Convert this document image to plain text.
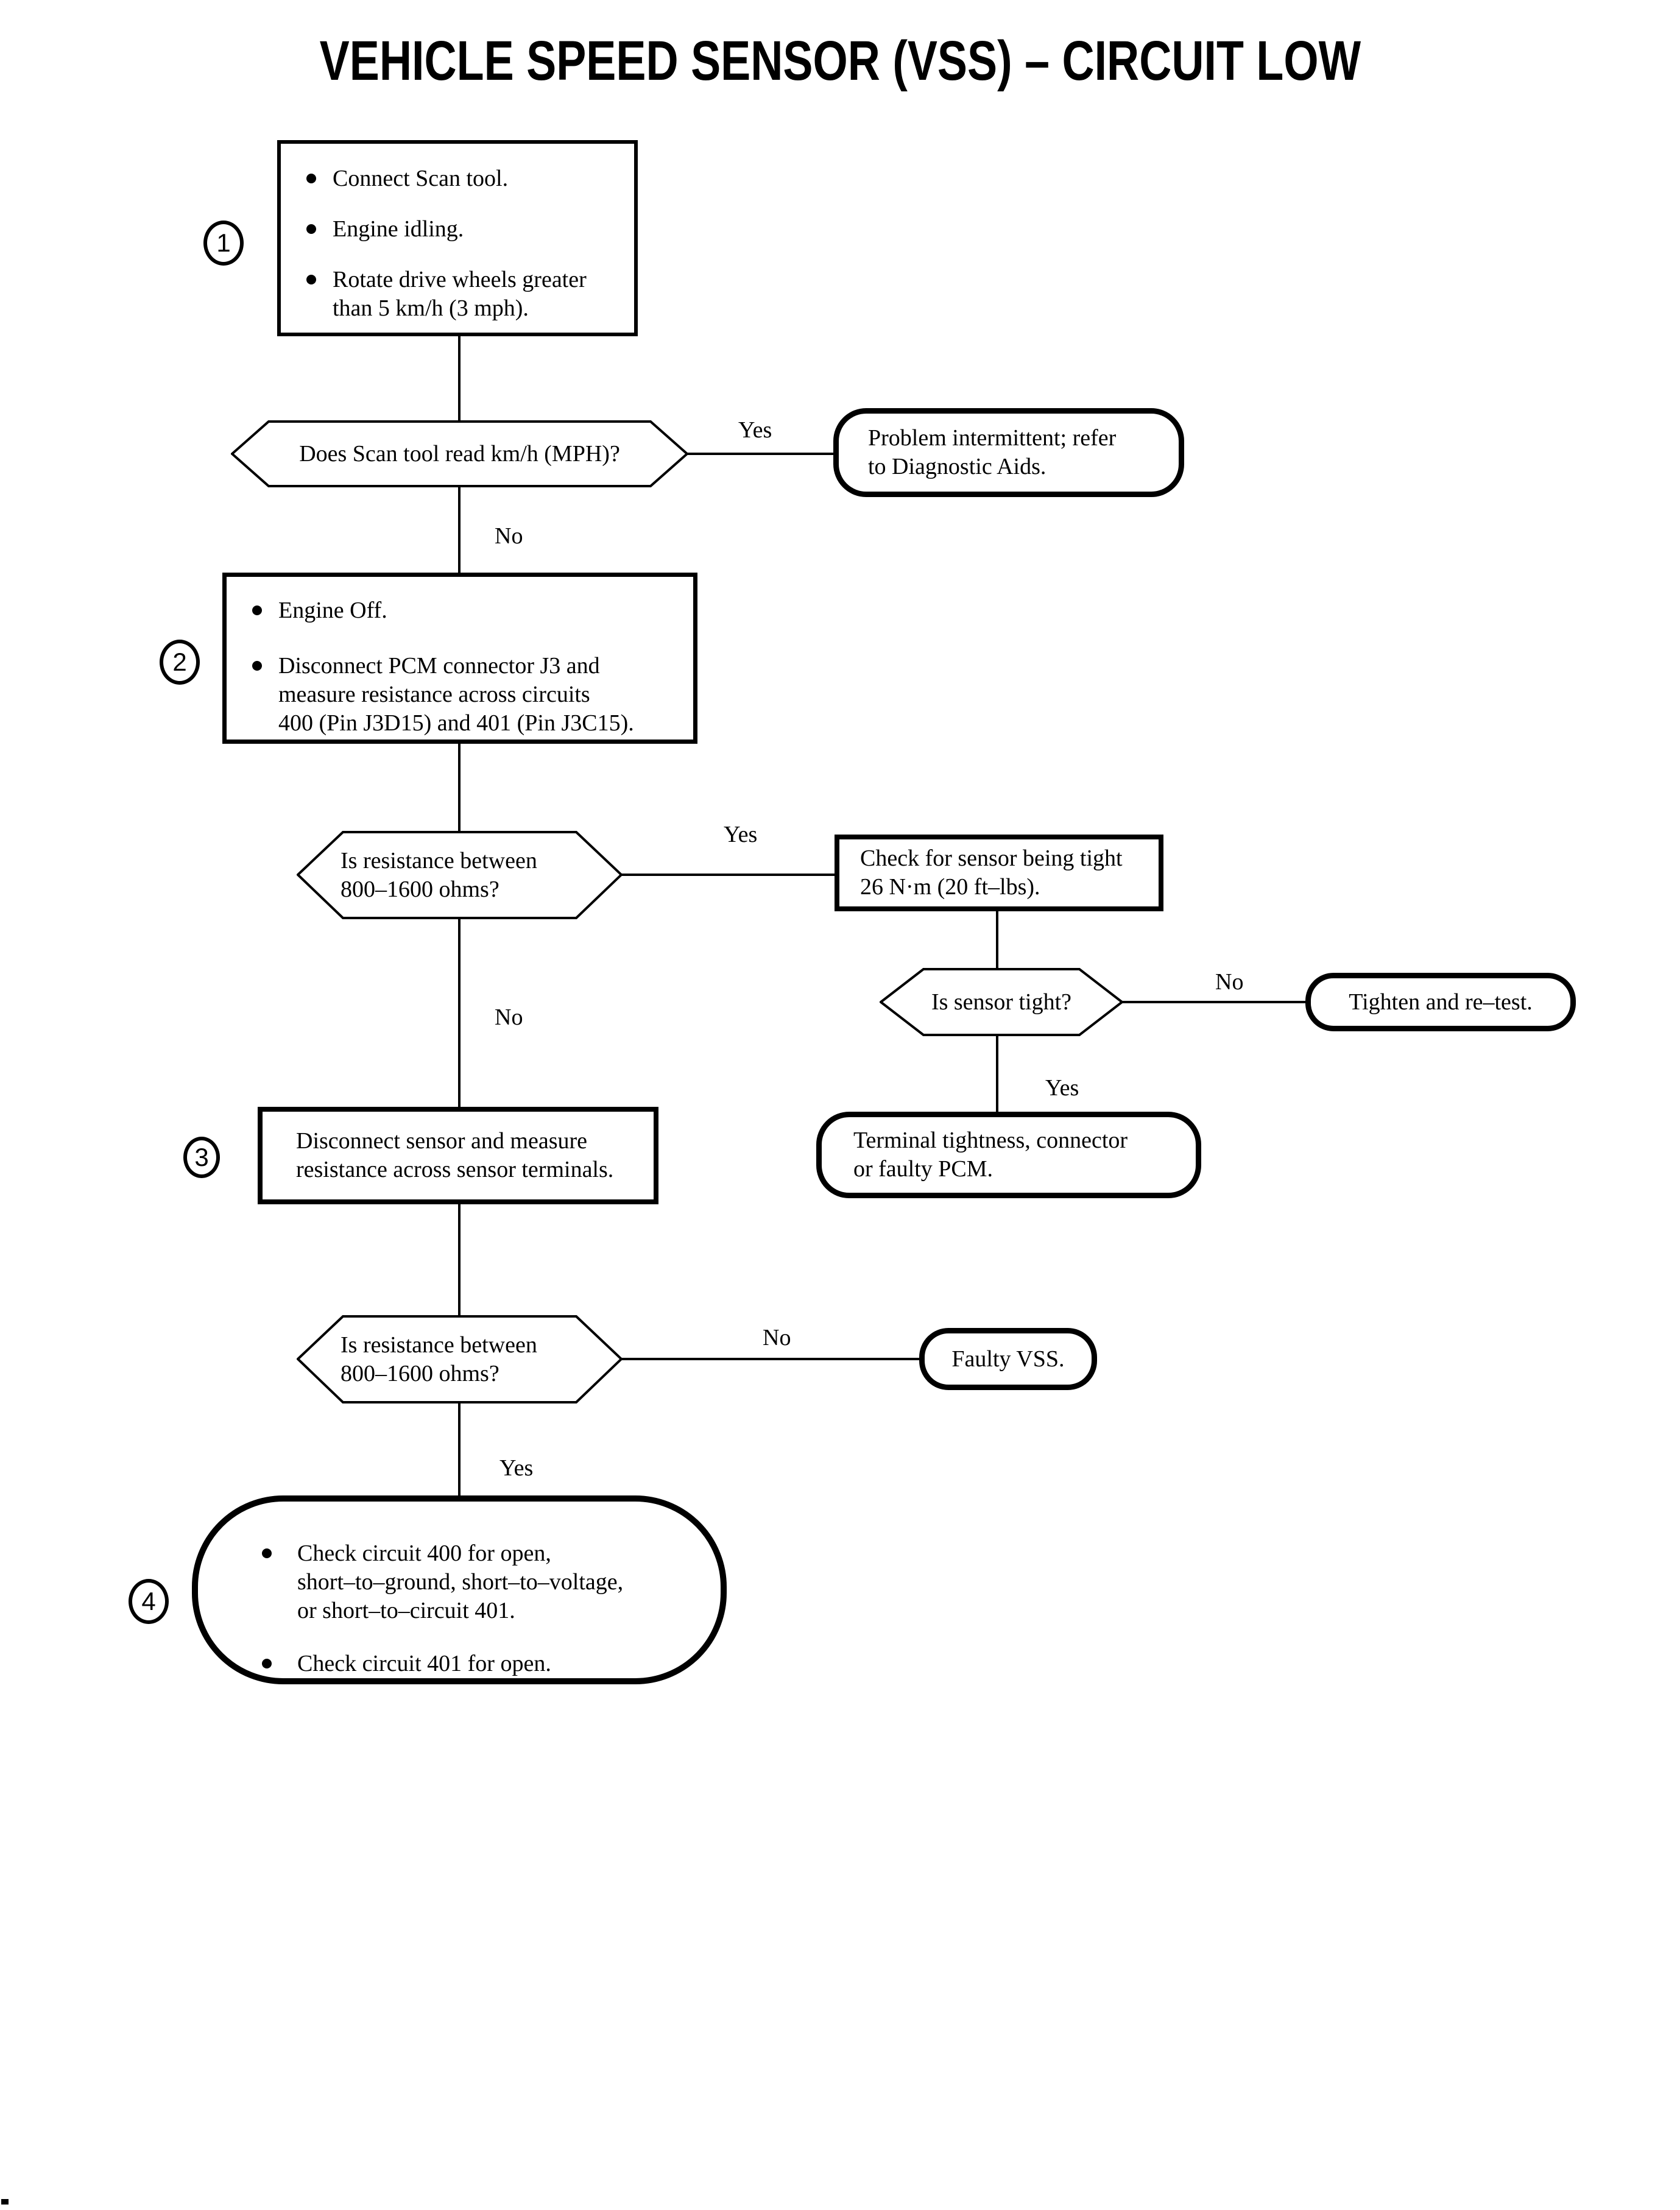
VEHICLE SPEED SENSOR (VSS) – CIRCUIT LOW
1
2
3
4
Connect Scan tool.
Engine idling.
Rotate drive wheels greater
than 5 km/h (3 mph).
Does Scan tool read km/h (MPH)?
Yes	Problem intermittent; refer
to Diagnostic Aids.
No
Engine Off.
Disconnect PCM connector J3 and
measure resistance across circuits
400 (Pin J3D15) and 401 (Pin J3C15).
Is resistance between
800–1600 ohms?
Yes
Check for sensor being tight
26 N·m (20 ft–lbs).
Is sensor tight?
No
Tighten and re–test.
Yes
Terminal tightness, connector
or faulty PCM.
No
Disconnect sensor and measure
resistance across sensor terminals.
Is resistance between
800–1600 ohms?
No
Faulty VSS.
Yes
Check circuit 400 for open,
short–to–ground, short–to–voltage,
or short–to–circuit 401.
Check circuit 401 for open.
